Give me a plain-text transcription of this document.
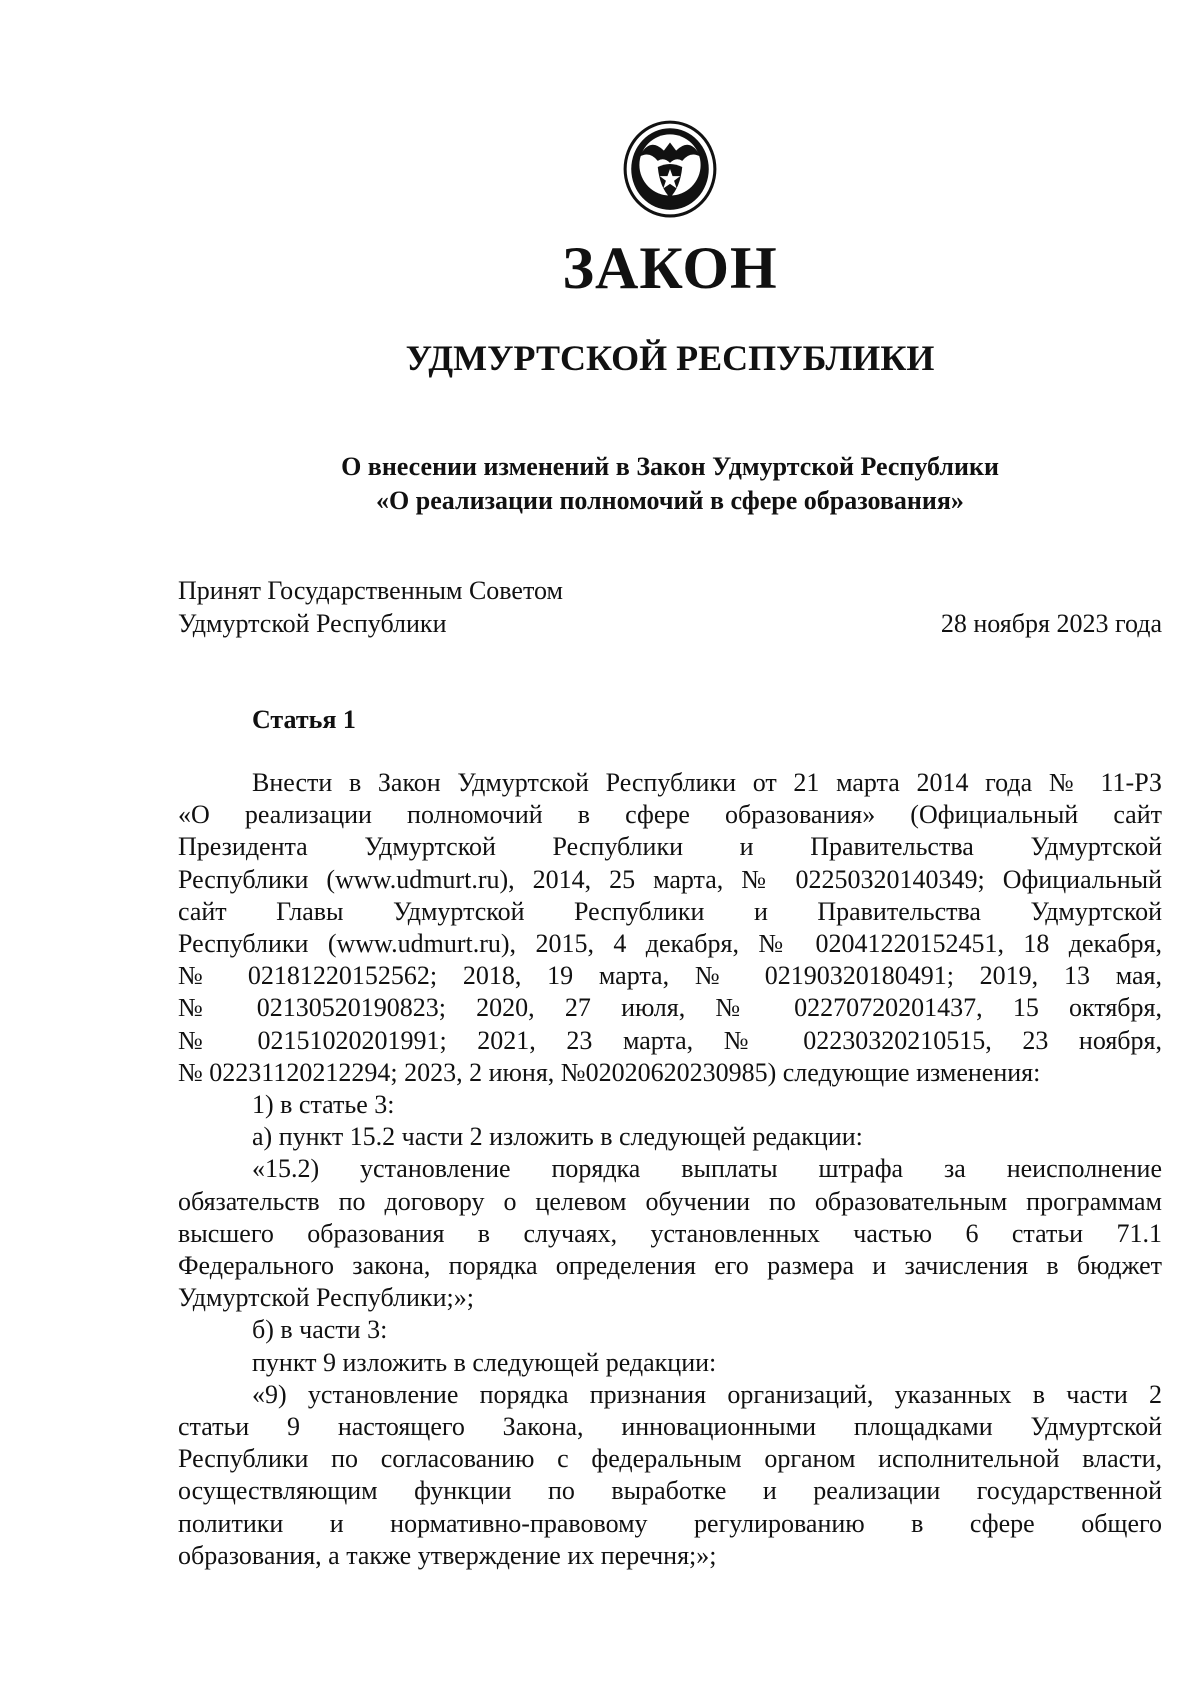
ЗАКОН
УДМУРТСКОЙ РЕСПУБЛИКИ
О внесении изменений в Закон Удмуртской Республики
«О реализации полномочий в сфере образования»
Принят Государственным Советом
Удмуртской Республики	28 ноября 2023 года
Статья 1

Внести в Закон Удмуртской Республики от 21 марта 2014 года № 11-РЗ

«О реализации полномочий в сфере образования» (Официальный сайт

Президента Удмуртской Республики и Правительства Удмуртской

Республики (www.udmurt.ru), 2014, 25 марта, № 02250320140349; Официальный

сайт Главы Удмуртской Республики и Правительства Удмуртской

Республики (www.udmurt.ru), 2015, 4 декабря, № 02041220152451, 18 декабря,

№ 02181220152562; 2018, 19 марта, № 02190320180491; 2019, 13 мая,

№ 02130520190823; 2020, 27 июля, № 02270720201437, 15 октября,

№ 02151020201991; 2021, 23 марта, № 02230320210515, 23 ноября,

№ 02231120212294; 2023, 2 июня, №02020620230985) следующие изменения:

1) в статье 3:

а) пункт 15.2 части 2 изложить в следующей редакции:

«15.2) установление порядка выплаты штрафа за неисполнение

обязательств по договору о целевом обучении по образовательным программам

высшего образования в случаях, установленных частью 6 статьи 71.1

Федерального закона, порядка определения его размера и зачисления в бюджет

Удмуртской Республики;»;

б) в части 3:

пункт 9 изложить в следующей редакции:

«9) установление порядка признания организаций, указанных в части 2

статьи 9 настоящего Закона, инновационными площадками Удмуртской

Республики по согласованию с федеральным органом исполнительной власти,

осуществляющим функции по выработке и реализации государственной

политики и нормативно-правовому регулированию в сфере общего

образования, а также утверждение их перечня;»;
